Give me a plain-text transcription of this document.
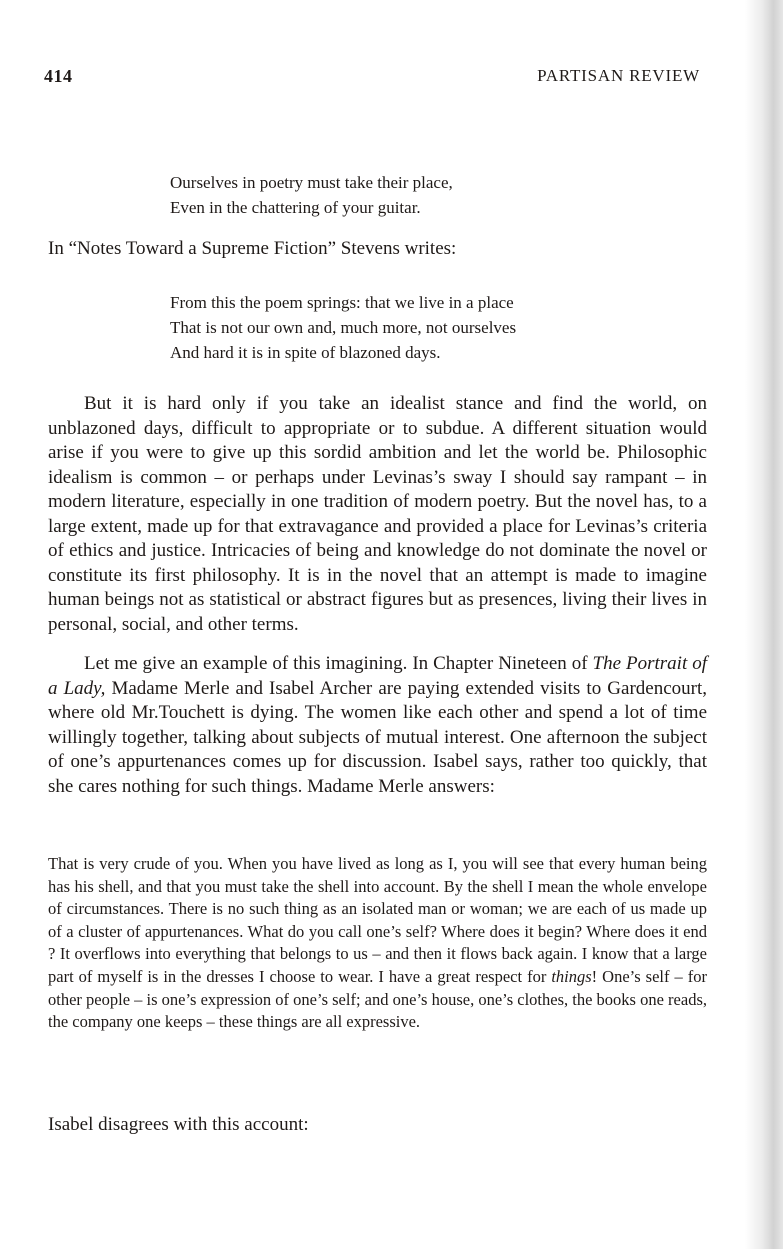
414	PARTISAN REVIEW
Ourselves in poetry must take their place,
Even in the chattering of your guitar.
In “Notes Toward a Supreme Fiction” Stevens writes:
From this the poem springs: that we live in a place
That is not our own and, much more, not ourselves
And hard it is in spite of blazoned days.

But it is hard only if you take an idealist stance and find the world, on unblazoned days, difficult to appropriate or to subdue. A different situation would arise if you were to give up this sordid ambition and let the world be. Philosophic idealism is common – or perhaps under Levinas’s sway I should say rampant – in modern literature, especially in one tradition of modern poetry. But the novel has, to a large extent, made up for that extravagance and provided a place for Levinas’s criteria of ethics and justice. Intricacies of being and knowledge do not dominate the novel or constitute its first philosophy. It is in the novel that an attempt is made to imagine human beings not as statistical or abstract figures but as presences, living their lives in personal, social, and other terms.

Let me give an example of this imagining. In Chapter Nineteen of The Portrait of a Lady, Madame Merle and Isabel Archer are paying extended visits to Gardencourt, where old Mr.Touchett is dying. The women like each other and spend a lot of time willingly together, talking about subjects of mutual interest. One afternoon the subject of one’s appurtenances comes up for discussion. Isabel says, rather too quickly, that she cares nothing for such things. Madame Merle answers:

That is very crude of you. When you have lived as long as I, you will see that every human being has his shell, and that you must take the shell into account. By the shell I mean the whole envelope of circumstances. There is no such thing as an isolated man or woman; we are each of us made up of a cluster of appurtenances. What do you call one’s self? Where does it begin? Where does it end ? It overflows into everything that belongs to us – and then it flows back again. I know that a large part of myself is in the dresses I choose to wear. I have a great respect for things! One’s self – for other people – is one’s expression of one’s self; and one’s house, one’s clothes, the books one reads, the company one keeps – these things are all expressive.

Isabel disagrees with this account:
